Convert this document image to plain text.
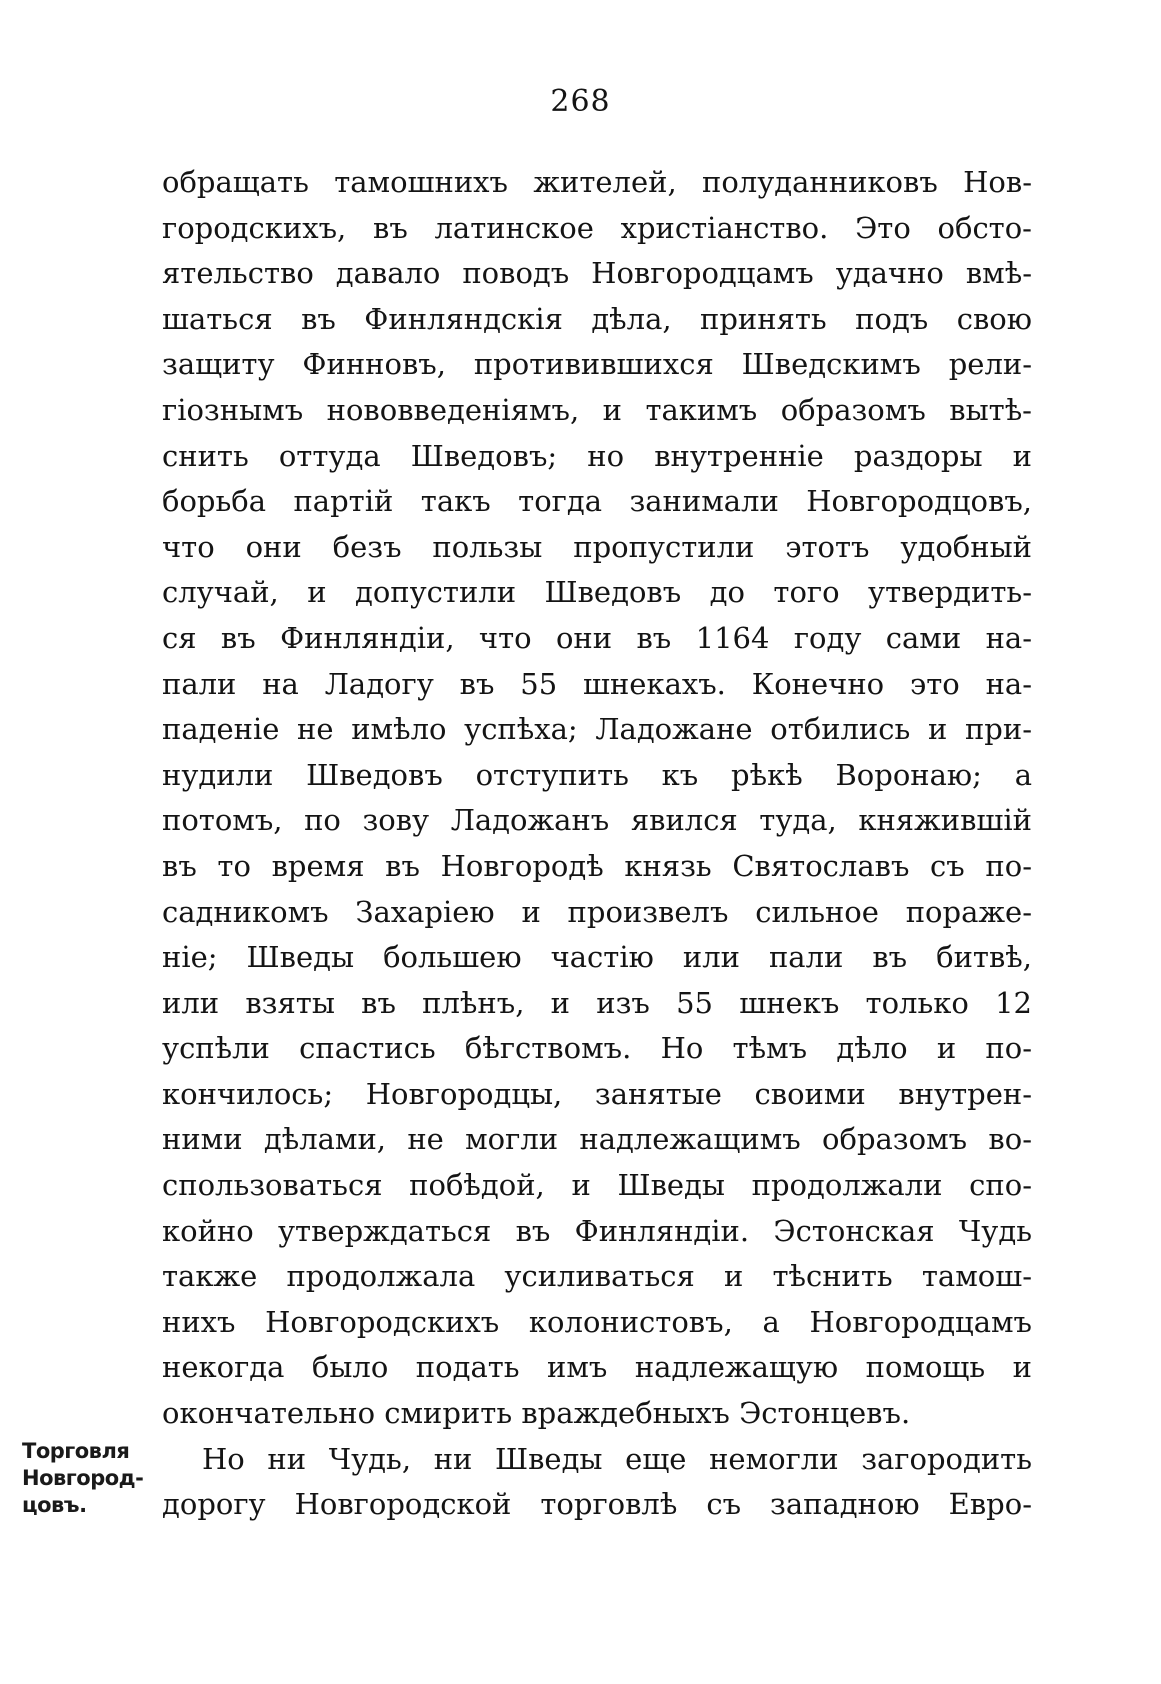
268
обращать тамошнихъ жителей, полуданниковъ Нов-
городскихъ, въ латинское христіанство. Это обсто-
ятельство давало поводъ Новгородцамъ удачно вмѣ-
шаться въ Финляндскія дѣла, принять подъ свою
защиту Финновъ, противившихся Шведскимъ рели-
гіознымъ нововведеніямъ, и такимъ образомъ вытѣ-
снить оттуда Шведовъ; но внутренніе раздоры и
борьба партій такъ тогда занимали Новгородцовъ,
что они безъ пользы пропустили этотъ удобный
случай, и допустили Шведовъ до того утвердить-
ся въ Финляндіи, что они въ 1164 году сами на-
пали на Ладогу въ 55 шнекахъ. Конечно это на-
паденіе не имѣло успѣха; Ладожане отбились и при-
нудили Шведовъ отступить къ рѣкѣ Воронаю; а
потомъ, по зову Ладожанъ явился туда, княжившій
въ то время въ Новгородѣ князь Святославъ съ по-
садникомъ Захаріею и произвелъ сильное пораже-
ніе; Шведы большею частію или пали въ битвѣ,
или взяты въ плѣнъ, и изъ 55 шнекъ только 12
успѣли спастись бѣгствомъ. Но тѣмъ дѣло и по-
кончилось; Новгородцы, занятые своими внутрен-
ними дѣлами, не могли надлежащимъ образомъ во-
спользоваться побѣдой, и Шведы продолжали спо-
койно утверждаться въ Финляндіи. Эстонская Чудь
также продолжала усиливаться и тѣснить тамош-
нихъ Новгородскихъ колонистовъ, а Новгородцамъ
некогда было подать имъ надлежащую помощь и
окончательно смирить враждебныхъ Эстонцевъ.
Но ни Чудь, ни Шведы еще немогли загородить
дорогу Новгородской торговлѣ съ западною Евро-
Торговля
Новгород-
цовъ.
